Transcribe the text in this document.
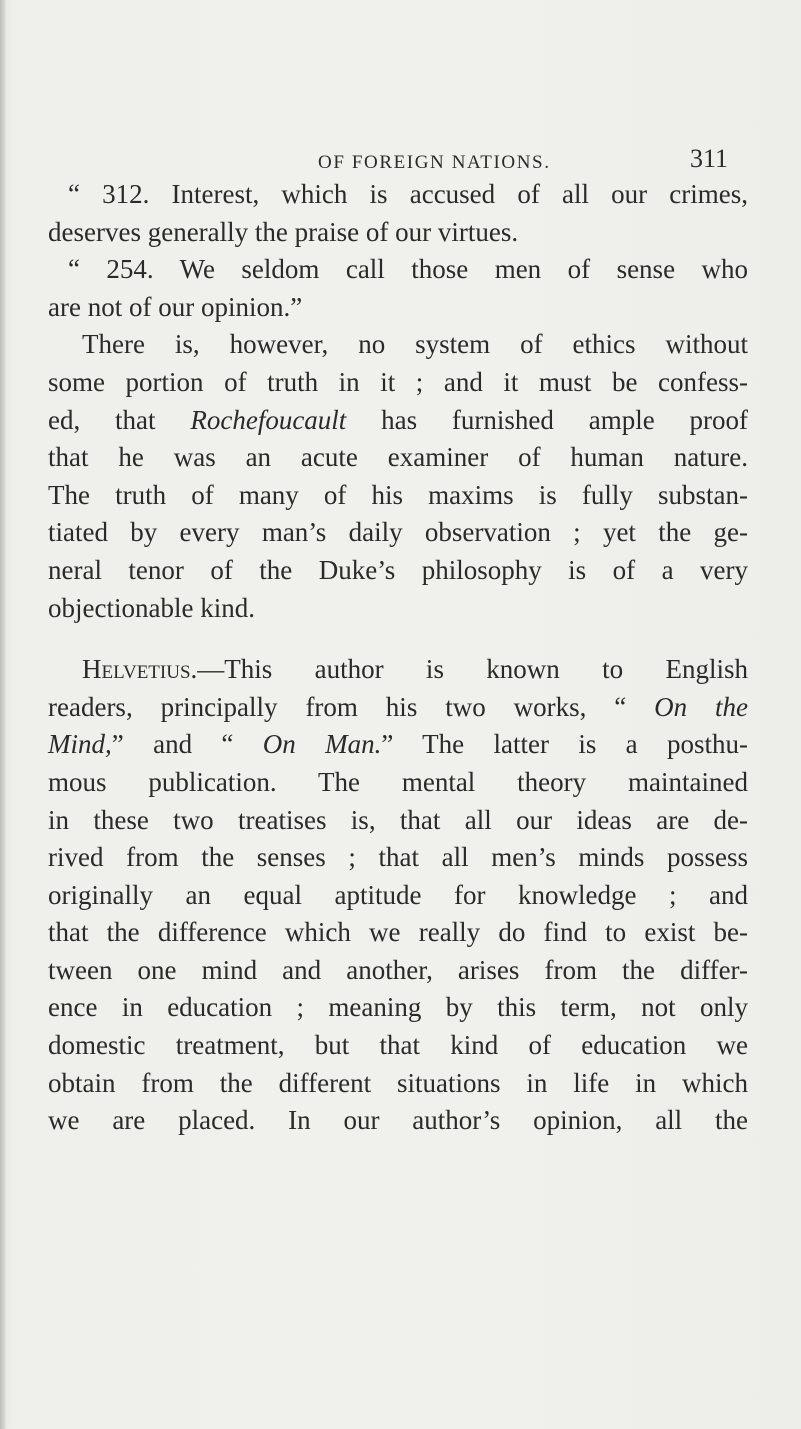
OF FOREIGN NATIONS.	311
“ 312. Interest, which is accused of all our crimes,
deserves generally the praise of our virtues.
“ 254. We seldom call those men of sense who
are not of our opinion.”
There is, however, no system of ethics without
some portion of truth in it ; and it must be confess-
ed, that Rochefoucault has furnished ample proof
that he was an acute examiner of human nature.
The truth of many of his maxims is fully substan-
tiated by every man’s daily observation ; yet the ge-
neral tenor of the Duke’s philosophy is of a very
objectionable kind.
Helvetius.—This author is known to English
readers, principally from his two works, “ On the
Mind,” and “ On Man.” The latter is a posthu-
mous publication. The mental theory maintained
in these two treatises is, that all our ideas are de-
rived from the senses ; that all men’s minds possess
originally an equal aptitude for knowledge ; and
that the difference which we really do find to exist be-
tween one mind and another, arises from the differ-
ence in education ; meaning by this term, not only
domestic treatment, but that kind of education we
obtain from the different situations in life in which
we are placed. In our author’s opinion, all the
